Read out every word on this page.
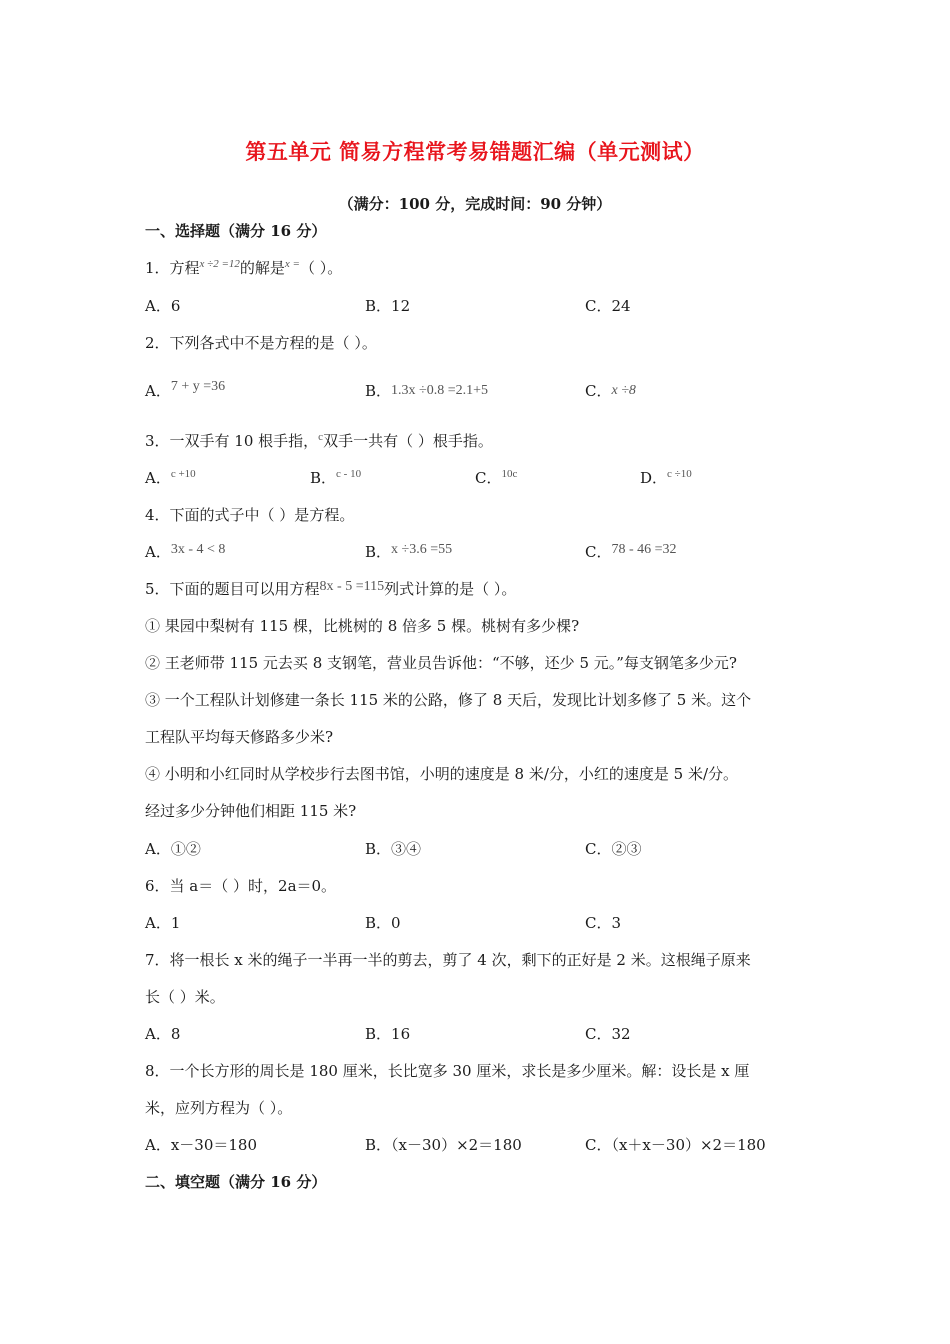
第五单元 简易方程常考易错题汇编（单元测试）
（满分：100 分，完成时间：90 分钟）
一、选择题（满分 16 分）
1．方程$^{x \div 2 =12}$的解是$^{x =}$（ ）。
A．6	B．12	C．24
2．下列各式中不是方程的是（ ）。
A．7 + y =36	B．1.3x ÷0.8 =2.1+5	C．x ÷8
3．一双手有 10 根手指，$^c$双手一共有（ ）根手指。
A．$^{c +10}$	B．$^{c - 10}$	C．$^{10c}$	D．$^{c \div 10}$
4．下面的式子中（ ）是方程。
A．3x - 4 < 8	B．x ÷3.6 =55	C．78 - 46 =32
5．下面的题目可以用方程8x - 5 =115列式计算的是（ ）。
① 果园中梨树有 115 棵，比桃树的 8 倍多 5 棵。桃树有多少棵?
② 王老师带 115 元去买 8 支钢笔，营业员告诉他：“不够，还少 5 元。”每支钢笔多少元?
③ 一个工程队计划修建一条长 115 米的公路，修了 8 天后，发现比计划多修了 5 米。这个
工程队平均每天修路多少米?
④ 小明和小红同时从学校步行去图书馆，小明的速度是 8 米/分，小红的速度是 5 米/分。
经过多少分钟他们相距 115 米?
A．①②	B．③④	C．②③
6．当 a＝（ ）时，2a＝0。
A．1	B．0	C．3
7．将一根长 x 米的绳子一半再一半的剪去，剪了 4 次，剩下的正好是 2 米。这根绳子原来
长（ ）米。
A．8	B．16	C．32
8．一个长方形的周长是 180 厘米，长比宽多 30 厘米，求长是多少厘米。解：设长是 x 厘
米，应列方程为（ ）。
A．x－30＝180	B．（x－30）×2＝180	C．（x＋x－30）×2＝180
二、填空题（满分 16 分）
